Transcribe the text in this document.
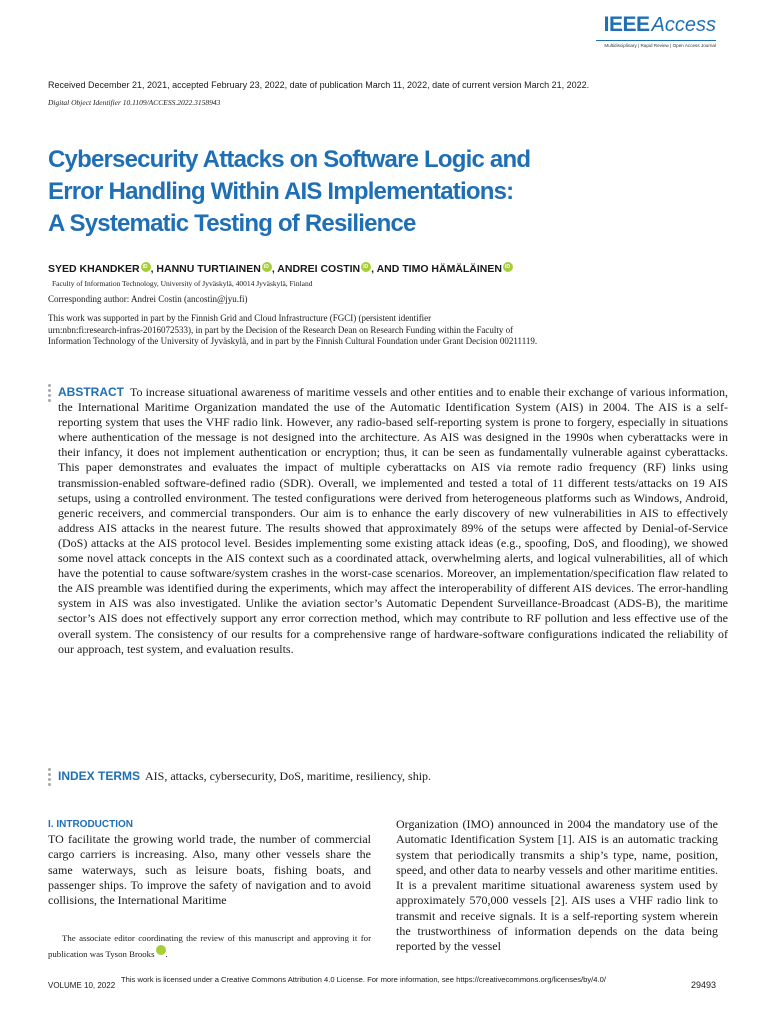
IEEE Access
Multidisciplinary | Rapid Review | Open Access Journal
Received December 21, 2021, accepted February 23, 2022, date of publication March 11, 2022, date of current version March 21, 2022.
Digital Object Identifier 10.1109/ACCESS.2022.3158943
Cybersecurity Attacks on Software Logic and
Error Handling Within AIS Implementations:
A Systematic Testing of Resilience
SYED KHANDKER iD , HANNU TURTIAINEN iD , ANDREI COSTIN iD , AND TIMO HÄMÄLÄINENiD
Faculty of Information Technology, University of Jyväskylä, 40014 Jyväskylä, Finland
Corresponding author: Andrei Costin (ancostin@jyu.fi)
This work was supported in part by the Finnish Grid and Cloud Infrastructure (FGCI) (persistent identifier
urn:nbn:fi:research-infras-2016072533), in part by the Decision of the Research Dean on Research Funding within the Faculty of
Information Technology of the University of Jyväskylä, and in part by the Finnish Cultural Foundation under Grant Decision 00211119.
ABSTRACT To increase situational awareness of maritime vessels and other entities and to enable their exchange of various information, the International Maritime Organization mandated the use of the Automatic Identification System (AIS) in 2004. The AIS is a self-reporting system that uses the VHF radio link. However, any radio-based self-reporting system is prone to forgery, especially in situations where authentication of the message is not designed into the architecture. As AIS was designed in the 1990s when cyberattacks were in their infancy, it does not implement authentication or encryption; thus, it can be seen as fundamentally vulnerable against cyberattacks. This paper demonstrates and evaluates the impact of multiple cyberattacks on AIS via remote radio frequency (RF) links using transmission-enabled software-defined radio (SDR). Overall, we implemented and tested a total of 11 different tests/attacks on 19 AIS setups, using a controlled environment. The tested configurations were derived from heterogeneous platforms such as Windows, Android, generic receivers, and commercial transponders. Our aim is to enhance the early discovery of new vulnerabilities in AIS to effectively address AIS attacks in the nearest future. The results showed that approximately 89% of the setups were affected by Denial-of-Service (DoS) attacks at the AIS protocol level. Besides implementing some existing attack ideas (e.g., spoofing, DoS, and flooding), we showed some novel attack concepts in the AIS context such as a coordinated attack, overwhelming alerts, and logical vulnerabilities, all of which have the potential to cause software/system crashes in the worst-case scenarios. Moreover, an implementation/specification flaw related to the AIS preamble was identified during the experiments, which may affect the interoperability of different AIS devices. The error-handling system in AIS was also investigated. Unlike the aviation sector’s Automatic Dependent Surveillance-Broadcast (ADS-B), the maritime sector’s AIS does not effectively support any error correction method, which may contribute to RF pollution and less effective use of the overall system. The consistency of our results for a comprehensive range of hardware-software configurations indicated the reliability of our approach, test system, and evaluation results.
INDEX TERMS AIS, attacks, cybersecurity, DoS, maritime, resiliency, ship.
I. INTRODUCTION
TO facilitate the growing world trade, the number of commercial cargo carriers is increasing. Also, many other vessels share the same waterways, such as leisure boats, fishing boats, and passenger ships. To improve the safety of navigation and to avoid collisions, the International Maritime
The associate editor coordinating the review of this manuscript and approving it for publication was Tyson BrooksiD
Organization (IMO) announced in 2004 the mandatory use of the Automatic Identification System [1]. AIS is an automatic tracking system that periodically transmits a ship’s type, name, position, speed, and other data to nearby vessels and other maritime entities. It is a prevalent maritime situational awareness system used by approximately 570,000 vessels [2]. AIS uses a VHF radio link to transmit and receive signals. It is a self-reporting system wherein the trustworthiness of information depends on the data being reported by the vessel
VOLUME 10, 2022
This work is licensed under a Creative Commons Attribution 4.0 License. For more information, see https://creativecommons.org/licenses/by/4.0/
29493
